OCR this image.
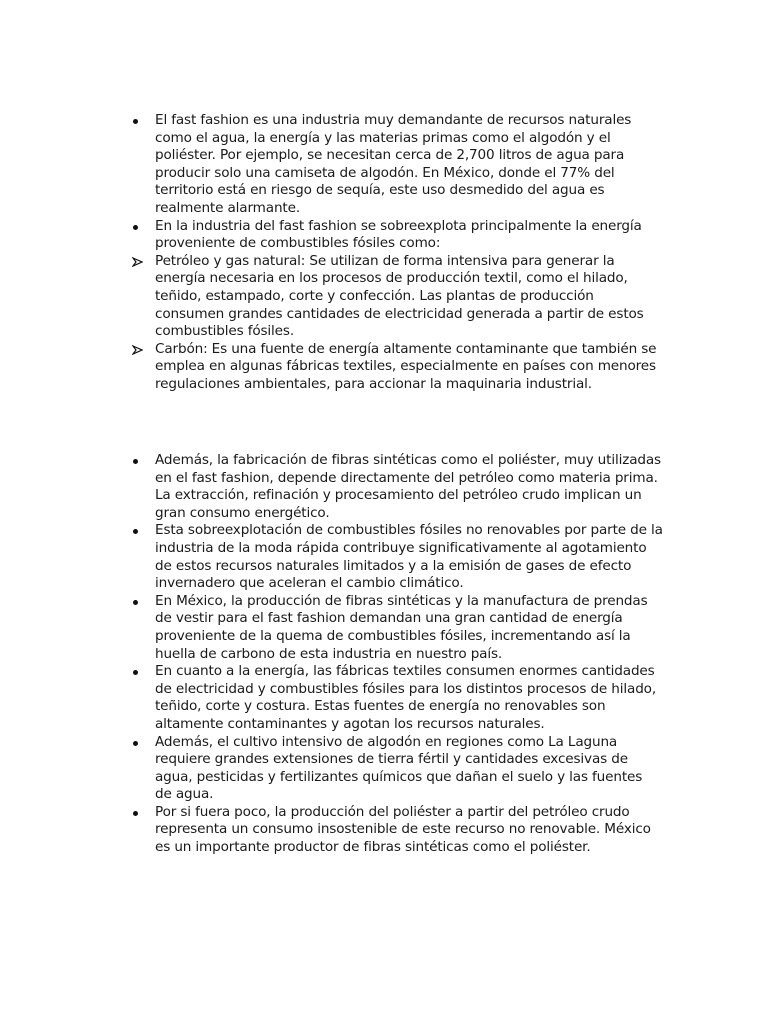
El fast fashion es una industria muy demandante de recursos naturales como el agua, la energía y las materias primas como el algodón y el poliéster. Por ejemplo, se necesitan cerca de 2,700 litros de agua para producir solo una camiseta de algodón. En México, donde el 77% del territorio está en riesgo de sequía, este uso desmedido del agua es realmente alarmante.
En la industria del fast fashion se sobreexplota principalmente la energía proveniente de combustibles fósiles como:
Petróleo y gas natural: Se utilizan de forma intensiva para generar la energía necesaria en los procesos de producción textil, como el hilado, teñido, estampado, corte y confección. Las plantas de producción consumen grandes cantidades de electricidad generada a partir de estos combustibles fósiles.
Carbón: Es una fuente de energía altamente contaminante que también se emplea en algunas fábricas textiles, especialmente en países con menores regulaciones ambientales, para accionar la maquinaria industrial.
Además, la fabricación de fibras sintéticas como el poliéster, muy utilizadas en el fast fashion, depende directamente del petróleo como materia prima. La extracción, refinación y procesamiento del petróleo crudo implican un gran consumo energético.
Esta sobreexplotación de combustibles fósiles no renovables por parte de la industria de la moda rápida contribuye significativamente al agotamiento de estos recursos naturales limitados y a la emisión de gases de efecto invernadero que aceleran el cambio climático.
En México, la producción de fibras sintéticas y la manufactura de prendas de vestir para el fast fashion demandan una gran cantidad de energía proveniente de la quema de combustibles fósiles, incrementando así la huella de carbono de esta industria en nuestro país.
En cuanto a la energía, las fábricas textiles consumen enormes cantidades de electricidad y combustibles fósiles para los distintos procesos de hilado, teñido, corte y costura. Estas fuentes de energía no renovables son altamente contaminantes y agotan los recursos naturales.
Además, el cultivo intensivo de algodón en regiones como La Laguna requiere grandes extensiones de tierra fértil y cantidades excesivas de agua, pesticidas y fertilizantes químicos que dañan el suelo y las fuentes de agua.
Por si fuera poco, la producción del poliéster a partir del petróleo crudo representa un consumo insostenible de este recurso no renovable. México es un importante productor de fibras sintéticas como el poliéster.
